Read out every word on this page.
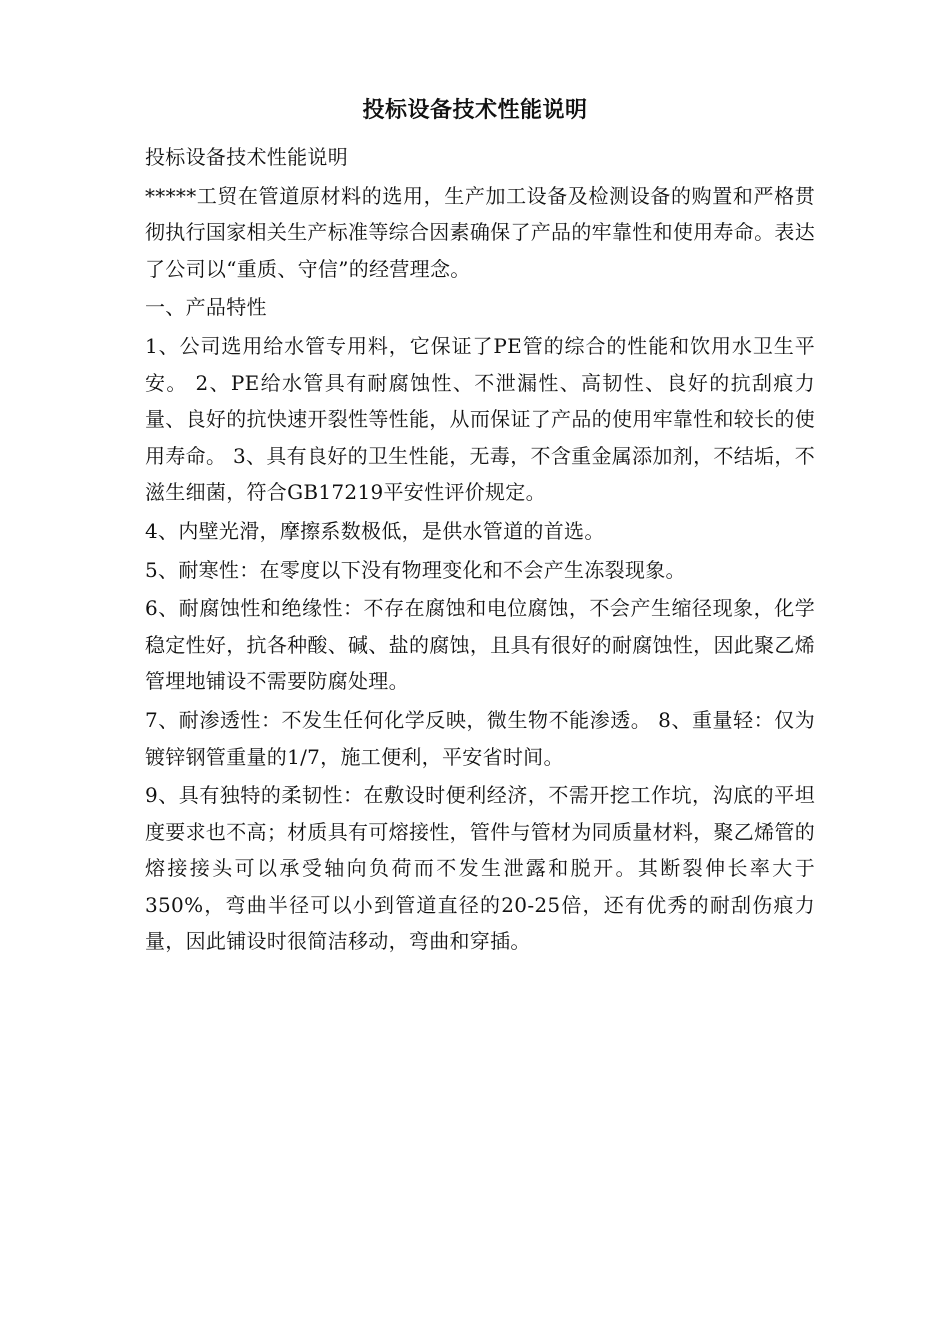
投标设备技术性能说明

投标设备技术性能说明

*****工贸在管道原材料的选用，生产加工设备及检测设备的购置和严格贯彻执行国家相关生产标准等综合因素确保了产品的牢靠性和使用寿命。表达了公司以“重质、守信”的经营理念。

一、产品特性

1、公司选用给水管专用料，它保证了PE管的综合的性能和饮用水卫生平安。 2、PE给水管具有耐腐蚀性、不泄漏性、高韧性、良好的抗刮痕力量、良好的抗快速开裂性等性能，从而保证了产品的使用牢靠性和较长的使用寿命。 3、具有良好的卫生性能，无毒，不含重金属添加剂，不结垢，不滋生细菌，符合GB17219平安性评价规定。

4、内壁光滑，摩擦系数极低，是供水管道的首选。

5、耐寒性：在零度以下没有物理变化和不会产生冻裂现象。

6、耐腐蚀性和绝缘性：不存在腐蚀和电位腐蚀，不会产生缩径现象，化学稳定性好，抗各种酸、碱、盐的腐蚀，且具有很好的耐腐蚀性，因此聚乙烯管埋地铺设不需要防腐处理。

7、耐渗透性：不发生任何化学反映，微生物不能渗透。 8、重量轻：仅为镀锌钢管重量的1/7，施工便利，平安省时间。

9、具有独特的柔韧性：在敷设时便利经济，不需开挖工作坑，沟底的平坦度要求也不高；材质具有可熔接性，管件与管材为同质量材料，聚乙烯管的熔接接头可以承受轴向负荷而不发生泄露和脱开。其断裂伸长率大于350%，弯曲半径可以小到管道直径的20-25倍，还有优秀的耐刮伤痕力量，因此铺设时很简洁移动，弯曲和穿插。
